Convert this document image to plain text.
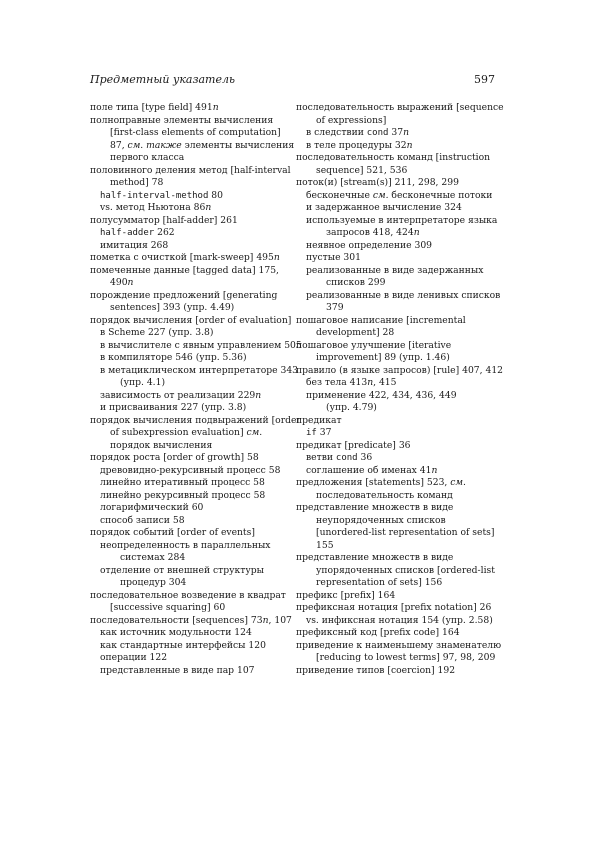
Предметный указатель	597
поле типа [type field] 491n
полноправные элементы вычисления
[first-class elements of computation]
87, см. также элементы вычисления
первого класса
половинного деления метод [half-interval
method] 78
half-interval-method 80
vs. метод Ньютона 86n
полусумматор [half-adder] 261
half-adder 262
имитация 268
пометка с очисткой [mark-sweep] 495n
помеченные данные [tagged data] 175,
490n
порождение предложений [generating
sentences] 393 (упр. 4.49)
порядок вычисления [order of evaluation]
в Scheme 227 (упр. 3.8)
в вычислителе с явным управлением 505
в компиляторе 546 (упр. 5.36)
в метациклическом интерпретаторе 343
(упр. 4.1)
зависимость от реализации 229n
и присваивания 227 (упр. 3.8)
порядок вычисления подвыражений [order
of subexpression evaluation] см.
порядок вычисления
порядок роста [order of growth] 58
древовидно-рекурсивный процесс 58
линейно итеративный процесс 58
линейно рекурсивный процесс 58
логарифмический 60
способ записи 58
порядок событий [order of events]
неопределенность в параллельных
системах 284
отделение от внешней структуры
процедур 304
последовательное возведение в квадрат
[successive squaring] 60
последовательности [sequences] 73n, 107
как источник модульности 124
как стандартные интерфейсы 120
операции 122
представленные в виде пар 107
последовательность выражений [sequence
of expressions]
в следствии cond 37n
в теле процедуры 32n
последовательность команд [instruction
sequence] 521, 536
поток(и) [stream(s)] 211, 298, 299
бесконечные см. бесконечные потоки
и задержанное вычисление 324
используемые в интерпретаторе языка
запросов 418, 424n
неявное определение 309
пустые 301
реализованные в виде задержанных
списков 299
реализованные в виде ленивых списков
379
пошаговое написание [incremental
development] 28
пошаговое улучшение [iterative
improvement] 89 (упр. 1.46)
правило (в языке запросов) [rule] 407, 412
без тела 413n, 415
применение 422, 434, 436, 449
(упр. 4.79)
предикат
if 37
предикат [predicate] 36
ветви cond 36
соглашение об именах 41n
предложения [statements] 523, см.
последовательность команд
представление множеств в виде
неупорядоченных списков
[unordered-list representation of sets]
155
представление множеств в виде
упорядоченных списков [ordered-list
representation of sets] 156
префикс [prefix] 164
префиксная нотация [prefix notation] 26
vs. инфиксная нотация 154 (упр. 2.58)
префиксный код [prefix code] 164
приведение к наименьшему знаменателю
[reducing to lowest terms] 97, 98, 209
приведение типов [coercion] 192
